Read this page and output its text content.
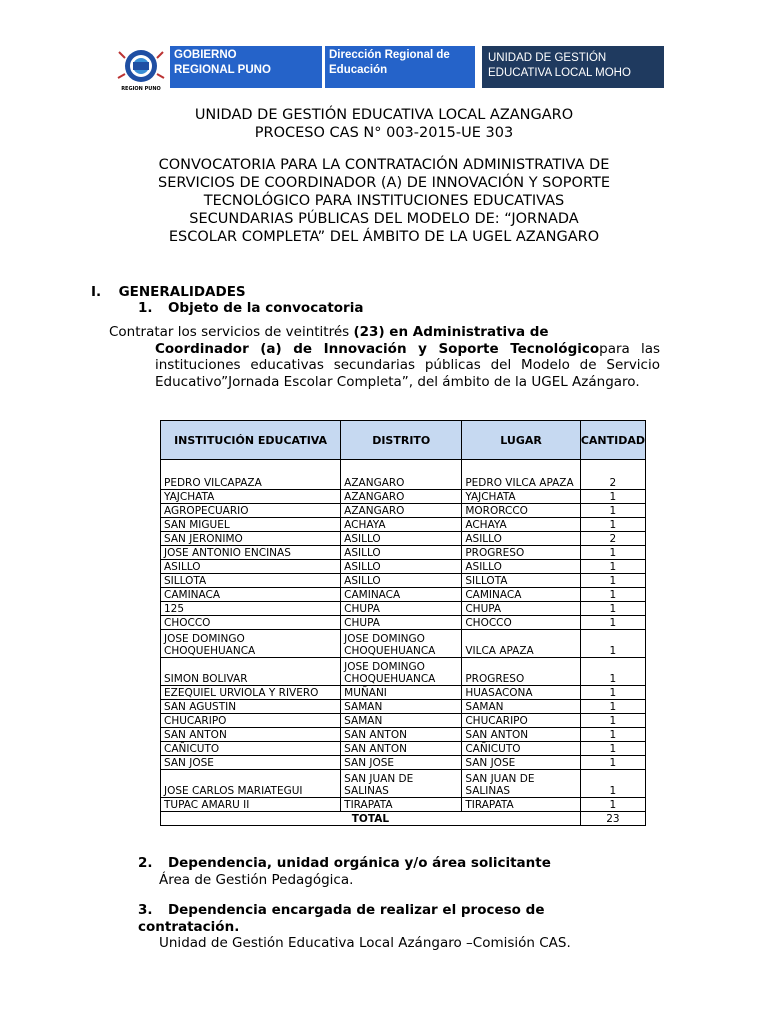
REGION PUNO
GOBIERNO
REGIONAL PUNO
Dirección Regional de
Educación
UNIDAD DE GESTIÓN
EDUCATIVA LOCAL MOHO
UNIDAD DE GESTIÓN EDUCATIVA LOCAL AZANGARO
PROCESO CAS N° 003-2015-UE 303
CONVOCATORIA PARA LA CONTRATACIÓN ADMINISTRATIVA DE
SERVICIOS DE COORDINADOR (A) DE INNOVACIÓN Y SOPORTE
TECNOLÓGICO PARA INSTITUCIONES EDUCATIVAS
SECUNDARIAS PÚBLICAS DEL MODELO DE: “JORNADA
ESCOLAR COMPLETA” DEL ÁMBITO DE LA UGEL AZANGARO
I. GENERALIDADES
1. Objeto de la convocatoria
Contratar los servicios de veintitrés (23) en Administrativa de
Coordinador (a) de Innovación y Soporte Tecnológicopara las instituciones educativas secundarias públicas del Modelo de Servicio Educativo”Jornada Escolar Completa”, del ámbito de la UGEL Azángaro.
INSTITUCIÓN EDUCATIVA	DISTRITO	LUGAR	CANTIDAD
PEDRO VILCAPAZA	AZANGARO	PEDRO VILCA APAZA	2
YAJCHATA	AZANGARO	YAJCHATA	1
AGROPECUARIO	AZANGARO	MORORCCO	1
SAN MIGUEL	ACHAYA	ACHAYA	1
SAN JERONIMO	ASILLO	ASILLO	2
JOSE ANTONIO ENCINAS	ASILLO	PROGRESO	1
ASILLO	ASILLO	ASILLO	1
SILLOTA	ASILLO	SILLOTA	1
CAMINACA	CAMINACA	CAMINACA	1
125	CHUPA	CHUPA	1
CHOCCO	CHUPA	CHOCCO	1
JOSE DOMINGO CHOQUEHUANCA	JOSE DOMINGO CHOQUEHUANCA	VILCA APAZA	1
SIMON BOLIVAR	JOSE DOMINGO CHOQUEHUANCA	PROGRESO	1
EZEQUIEL URVIOLA Y RIVERO	MUÑANI	HUASACONA	1
SAN AGUSTIN	SAMAN	SAMAN	1
CHUCARIPO	SAMAN	CHUCARIPO	1
SAN ANTON	SAN ANTON	SAN ANTON	1
CAÑICUTO	SAN ANTON	CAÑICUTO	1
SAN JOSE	SAN JOSE	SAN JOSE	1
JOSE CARLOS MARIATEGUI	SAN JUAN DE SALINAS	SAN JUAN DE SALINAS	1
TUPAC AMARU II	TIRAPATA	TIRAPATA	1
TOTAL			23
2. Dependencia, unidad orgánica y/o área solicitante
Área de Gestión Pedagógica.
3. Dependencia encargada de realizar el proceso de contratación.
Unidad de Gestión Educativa Local Azángaro –Comisión CAS.
